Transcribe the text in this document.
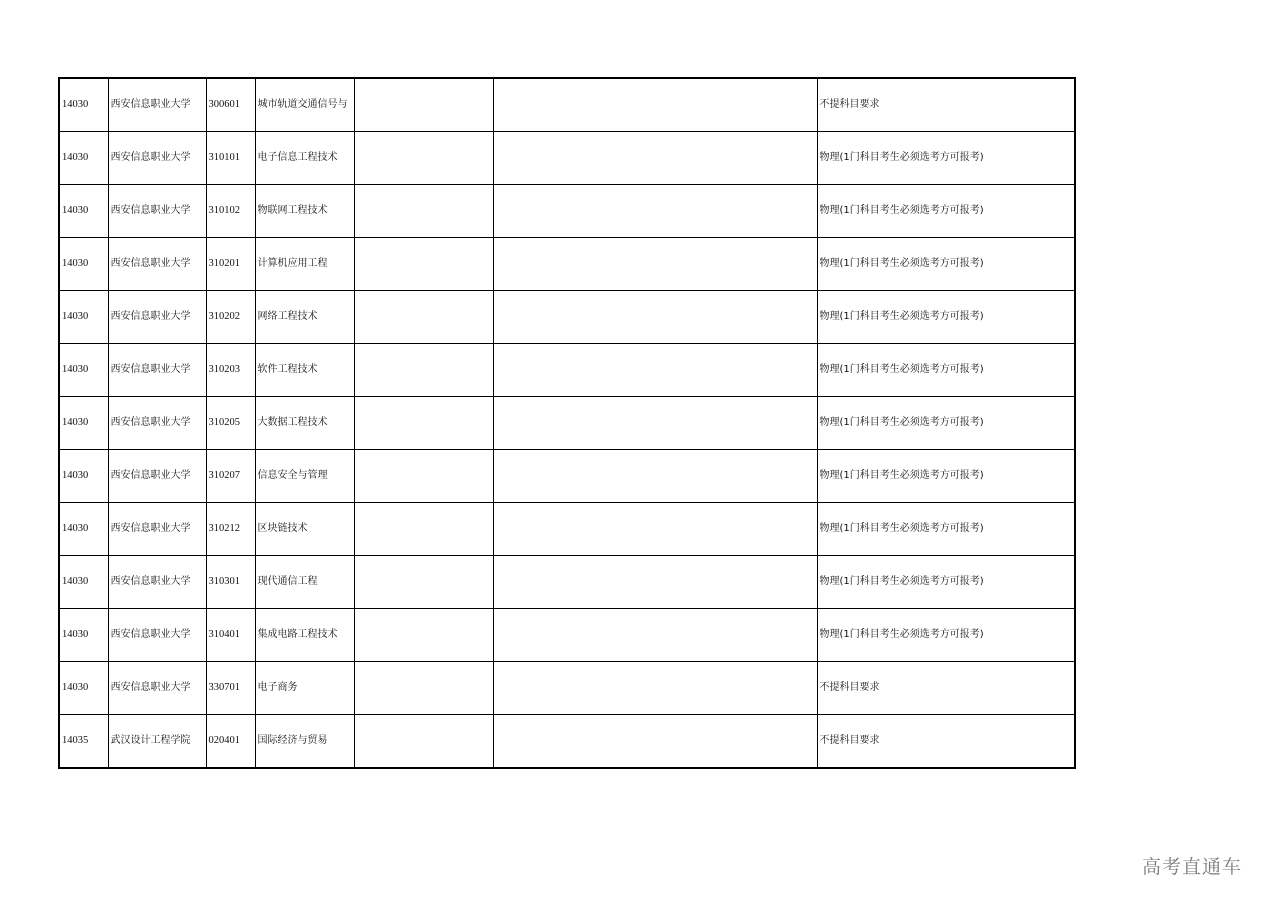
14030	西安信息职业大学	300601	城市轨道交通信号与			不提科目要求
14030	西安信息职业大学	310101	电子信息工程技术			物理(1门科目考生必须选考方可报考)
14030	西安信息职业大学	310102	物联网工程技术			物理(1门科目考生必须选考方可报考)
14030	西安信息职业大学	310201	计算机应用工程			物理(1门科目考生必须选考方可报考)
14030	西安信息职业大学	310202	网络工程技术			物理(1门科目考生必须选考方可报考)
14030	西安信息职业大学	310203	软件工程技术			物理(1门科目考生必须选考方可报考)
14030	西安信息职业大学	310205	大数据工程技术			物理(1门科目考生必须选考方可报考)
14030	西安信息职业大学	310207	信息安全与管理			物理(1门科目考生必须选考方可报考)
14030	西安信息职业大学	310212	区块链技术			物理(1门科目考生必须选考方可报考)
14030	西安信息职业大学	310301	现代通信工程			物理(1门科目考生必须选考方可报考)
14030	西安信息职业大学	310401	集成电路工程技术			物理(1门科目考生必须选考方可报考)
14030	西安信息职业大学	330701	电子商务			不提科目要求
14035	武汉设计工程学院	020401	国际经济与贸易			不提科目要求
高考直通车
